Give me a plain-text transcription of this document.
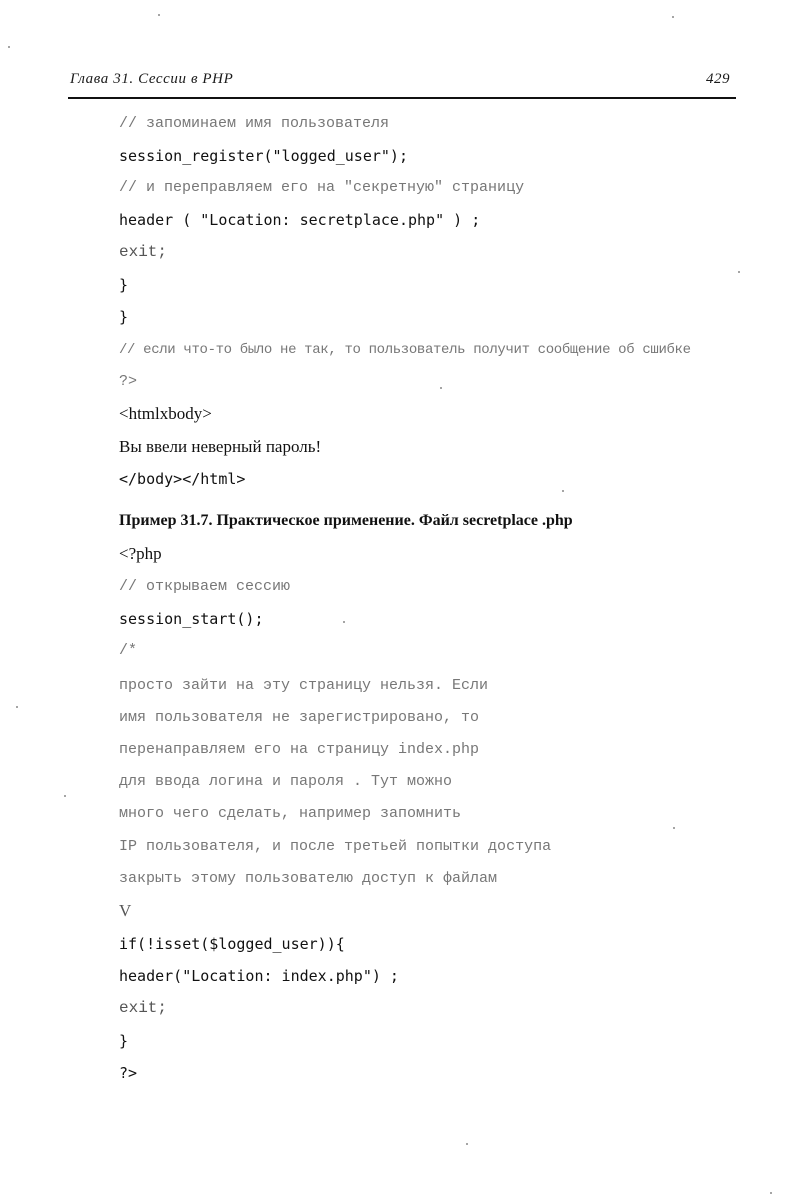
Глава 31. Сессии в PHP	429
// запоминаем имя пользователя
session_register("logged_user");
// и переправляем его на "секретную" страницу
header ( "Location: secretplace.php" ) ;
exit;
}
}
// если что-то было не так, то пользователь получит сообщение об сшибке
?>
<htmlxbody>
Вы ввели неверный пароль!
</body></html>
Пример 31.7. Практическое применение. Файл secretplace .php
<?php
// открываем сессию
session_start();
/*
просто зайти на эту страницу нельзя. Если
имя пользователя не зарегистрировано, то
перенаправляем его на страницу index.php
для ввода логина и пароля . Тут можно
много чего сделать, например запомнить
IP пользователя, и после третьей попытки доступа
закрыть этому пользователю доступ к файлам
V
if(!isset($logged_user)){
header("Location: index.php") ;
exit;
}
?>
